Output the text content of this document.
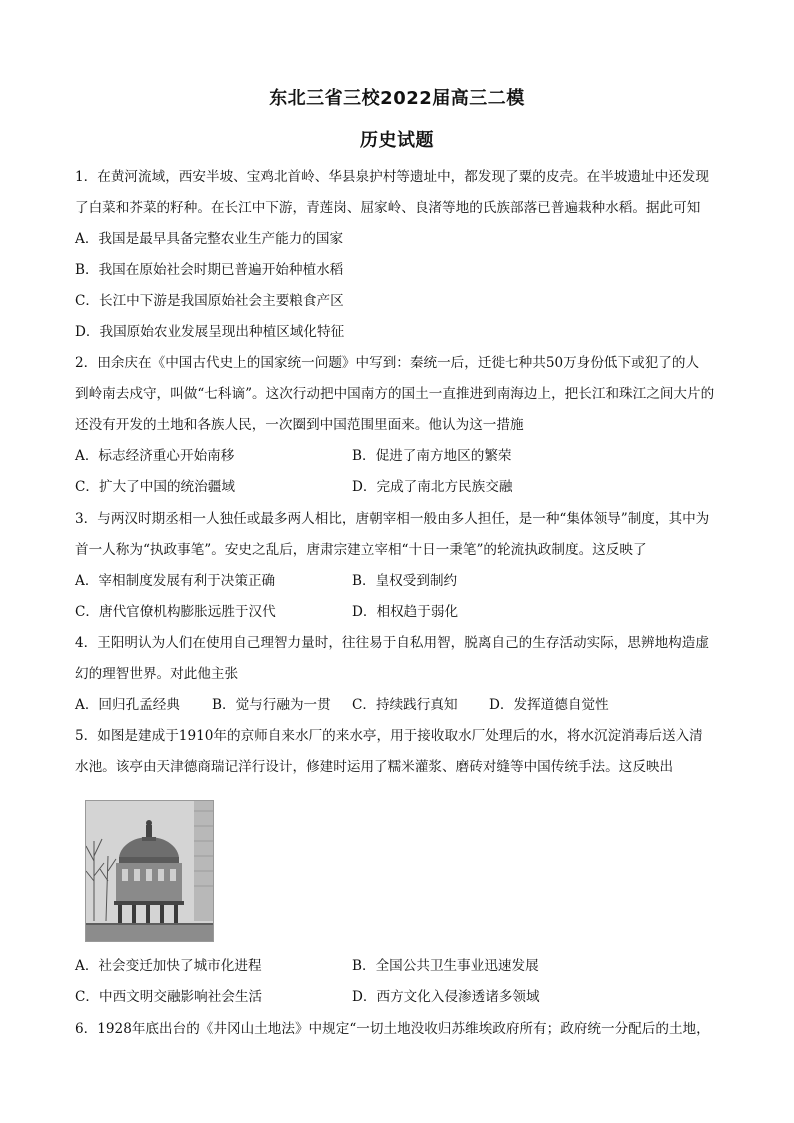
东北三省三校2022届高三二模
历史试题
1．在黄河流域，西安半坡、宝鸡北首岭、华县泉护村等遗址中，都发现了粟的皮壳。在半坡遗址中还发现
了白菜和芥菜的籽种。在长江中下游，青莲岗、屈家岭、良渚等地的氏族部落已普遍栽种水稻。据此可知
A．我国是最早具备完整农业生产能力的国家
B．我国在原始社会时期已普遍开始种植水稻
C．长江中下游是我国原始社会主要粮食产区
D．我国原始农业发展呈现出种植区域化特征
2．田余庆在《中国古代史上的国家统一问题》中写到：秦统一后，迁徙七种共50万身份低下或犯了的人
到岭南去戍守，叫做“七科谪”。这次行动把中国南方的国土一直推进到南海边上，把长江和珠江之间大片的
还没有开发的土地和各族人民，一次圈到中国范围里面来。他认为这一措施
A．标志经济重心开始南移	B．促进了南方地区的繁荣
C．扩大了中国的统治疆域	D．完成了南北方民族交融
3．与两汉时期丞相一人独任或最多两人相比，唐朝宰相一般由多人担任，是一种“集体领导”制度，其中为
首一人称为“执政事笔”。安史之乱后，唐肃宗建立宰相“十日一秉笔”的轮流执政制度。这反映了
A．宰相制度发展有利于决策正确	B．皇权受到制约
C．唐代官僚机构膨胀远胜于汉代	D．相权趋于弱化
4．王阳明认为人们在使用自己理智力量时，往往易于自私用智，脱离自己的生存活动实际，思辨地构造虚
幻的理智世界。对此他主张
A．回归孔孟经典 B．觉与行融为一贯 C．持续践行真知 D．发挥道德自觉性
5．如图是建成于1910年的京师自来水厂的来水亭，用于接收取水厂处理后的水，将水沉淀消毒后送入清
水池。该亭由天津德商瑞记洋行设计，修建时运用了糯米灌浆、磨砖对缝等中国传统手法。这反映出
A．社会变迁加快了城市化进程	B．全国公共卫生事业迅速发展
C．中西文明交融影响社会生活	D．西方文化入侵渗透诸多领域
6．1928年底出台的《井冈山土地法》中规定“一切土地没收归苏维埃政府所有；政府统一分配后的土地，
